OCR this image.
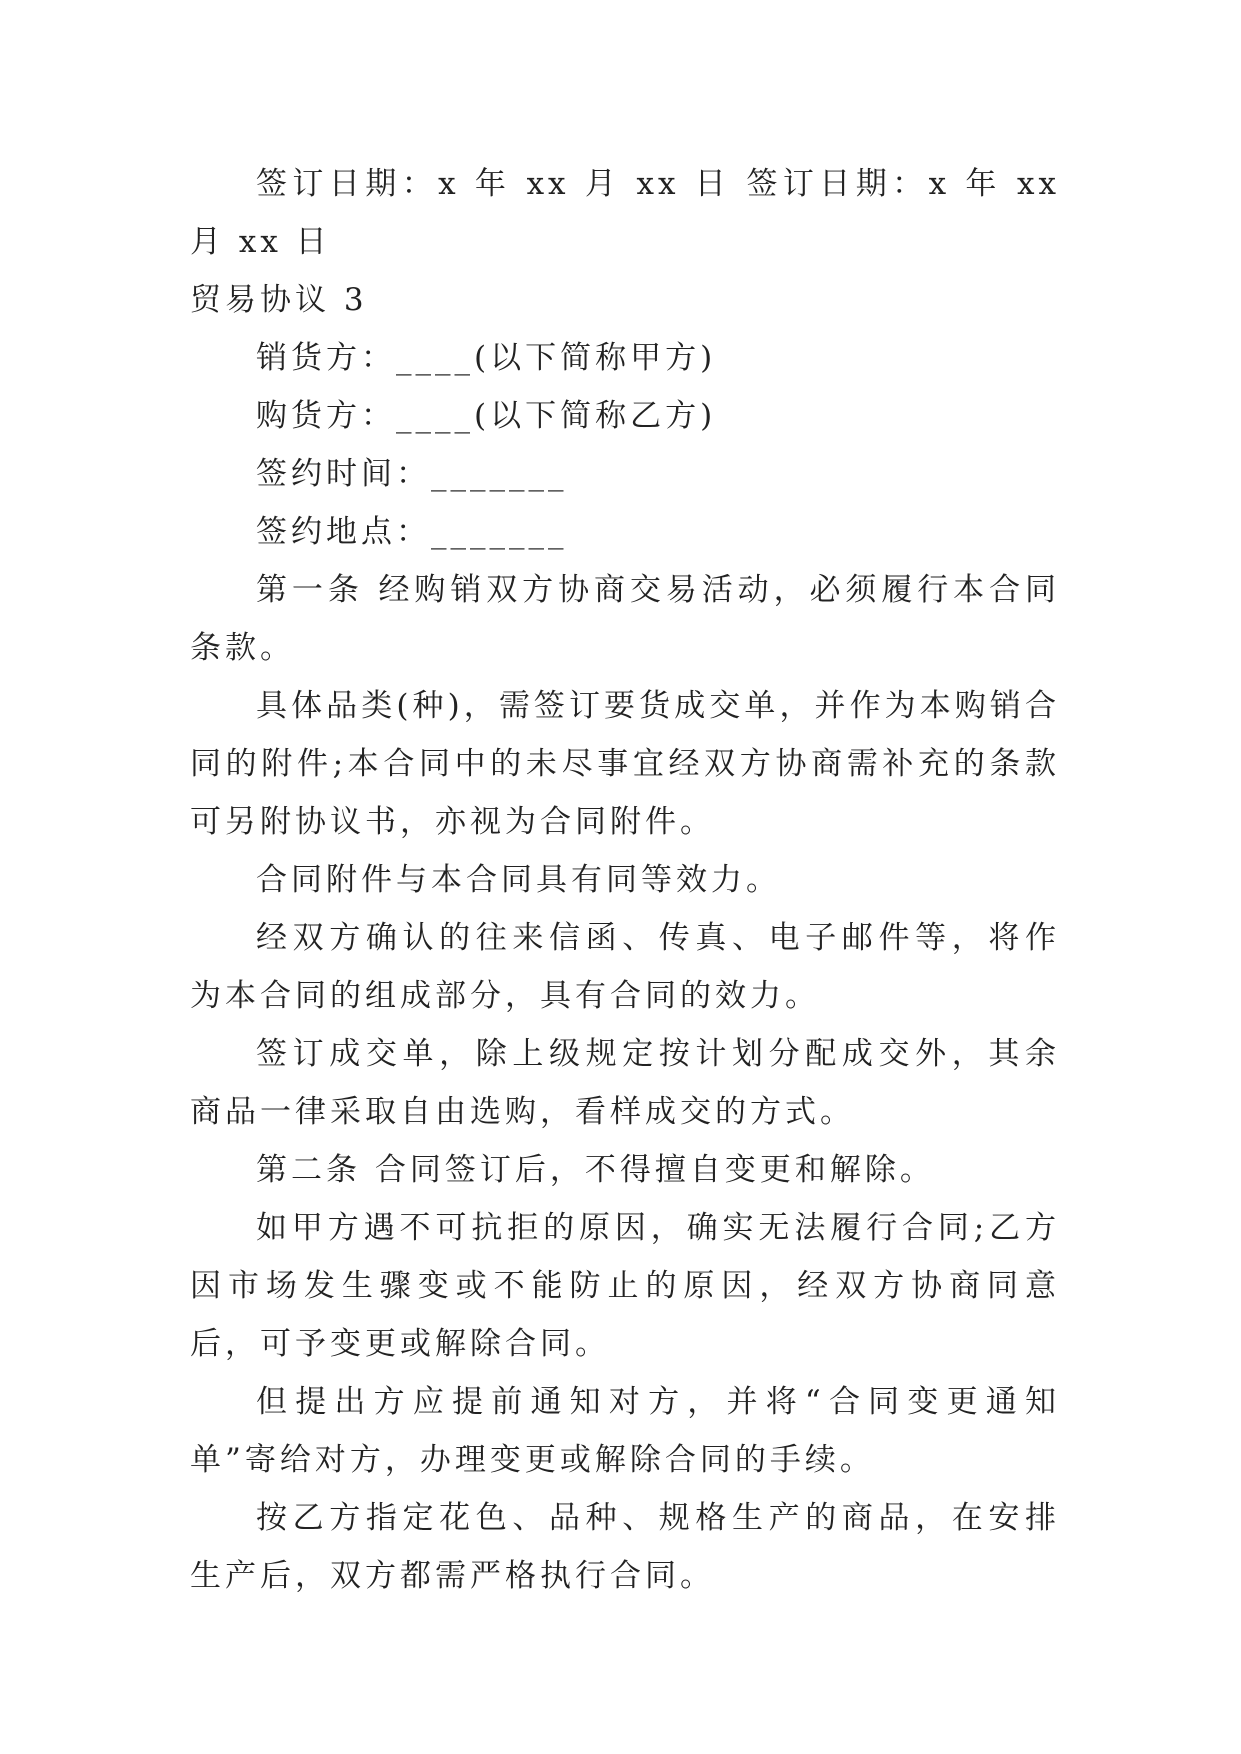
签订日期：x 年 xx 月 xx 日 签订日期：x 年 xx 月 xx 日

贸易协议 3

销货方：____(以下简称甲方)

购货方：____(以下简称乙方)

签约时间：_______

签约地点：_______

第一条 经购销双方协商交易活动，必须履行本合同条款。

具体品类(种)，需签订要货成交单，并作为本购销合同的附件;本合同中的未尽事宜经双方协商需补充的条款可另附协议书，亦视为合同附件。

合同附件与本合同具有同等效力。

经双方确认的往来信函、传真、电子邮件等，将作为本合同的组成部分，具有合同的效力。

签订成交单，除上级规定按计划分配成交外，其余商品一律采取自由选购，看样成交的方式。

第二条 合同签订后，不得擅自变更和解除。

如甲方遇不可抗拒的原因，确实无法履行合同;乙方因市场发生骤变或不能防止的原因，经双方协商同意后，可予变更或解除合同。

但提出方应提前通知对方，并将“合同变更通知单”寄给对方，办理变更或解除合同的手续。

按乙方指定花色、品种、规格生产的商品，在安排生产后，双方都需严格执行合同。
